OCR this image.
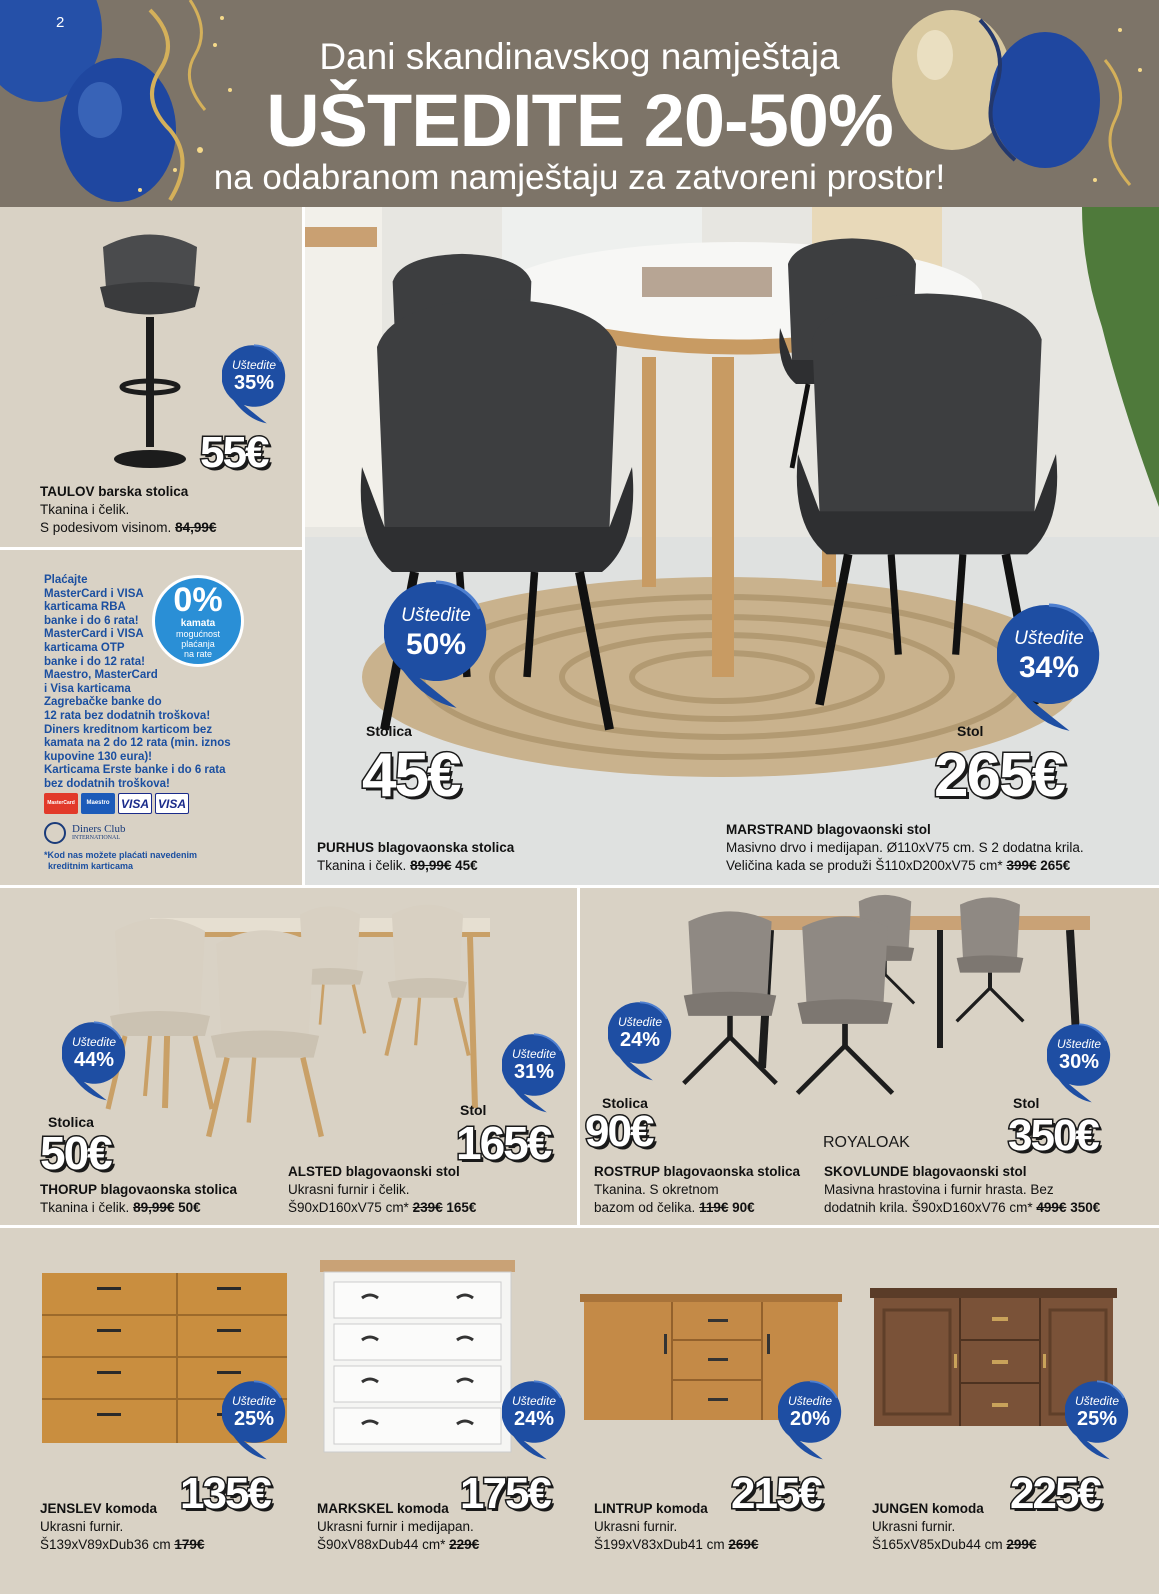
2
Dani skandinavskog namještaja
UŠTEDITE 20-50%
na odabranom namještaju za zatvoreni prostor!
Uštedite
35%
55€
TAULOV barska stolica
Tkanina i čelik.
S podesivom visinom. 84,99€
Plaćajte
MasterCard i VISA
karticama RBA
banke i do 6 rata!
MasterCard i VISA
karticama OTP
banke i do 12 rata!
Maestro, MasterCard
i Visa karticama
Zagrebačke banke do
12 rata bez dodatnih troškova!
Diners kreditnom karticom bez
kamata na 2 do 12 rata (min. iznos
kupovine 130 eura)!
Karticama Erste banke i do 6 rata
bez dodatnih troškova!
0%
kamata
mogućnost
plaćanja
na rate
MasterCard	Maestro VISA VISA
Diners Club
INTERNATIONAL
*Kod nas možete plaćati navedenim
kreditnim karticama
Uštedite
50%	Uštedite
34%
Stolica
45€
Stol
265€
PURHUS blagovaonska stolica
Tkanina i čelik. 89,99€ 45€
MARSTRAND blagovaonski stol
Masivno drvo i medijapan. Ø110xV75 cm. S 2 dodatna krila.
Veličina kada se produži Š110xD200xV75 cm* 399€ 265€
Uštedite
44%	Uštedite
31%
Stolica
50€
Stol
165€
THORUP blagovaonska stolica
Tkanina i čelik. 89,99€ 50€
ALSTED blagovaonski stol
Ukrasni furnir i čelik.
Š90xD160xV75 cm* 239€ 165€
Uštedite
24%	Uštedite
30%
Stolica
90€
Stol
350€
ROYALOAK
ROSTRUP blagovaonska stolica
Tkanina. S okretnom
bazom od čelika. 119€ 90€
SKOVLUNDE blagovaonski stol
Masivna hrastovina i furnir hrasta. Bez
dodatnih krila. Š90xD160xV76 cm* 499€ 350€
Uštedite
25%
135€
JENSLEV komoda
Ukrasni furnir.
Š139xV89xDub36 cm 179€
Uštedite
24%
175€
MARKSKEL komoda
Ukrasni furnir i medijapan.
Š90xV88xDub44 cm* 229€
Uštedite
20%
215€
LINTRUP komoda
Ukrasni furnir.
Š199xV83xDub41 cm 269€
Uštedite
25%
225€
JUNGEN komoda
Ukrasni furnir.
Š165xV85xDub44 cm 299€
